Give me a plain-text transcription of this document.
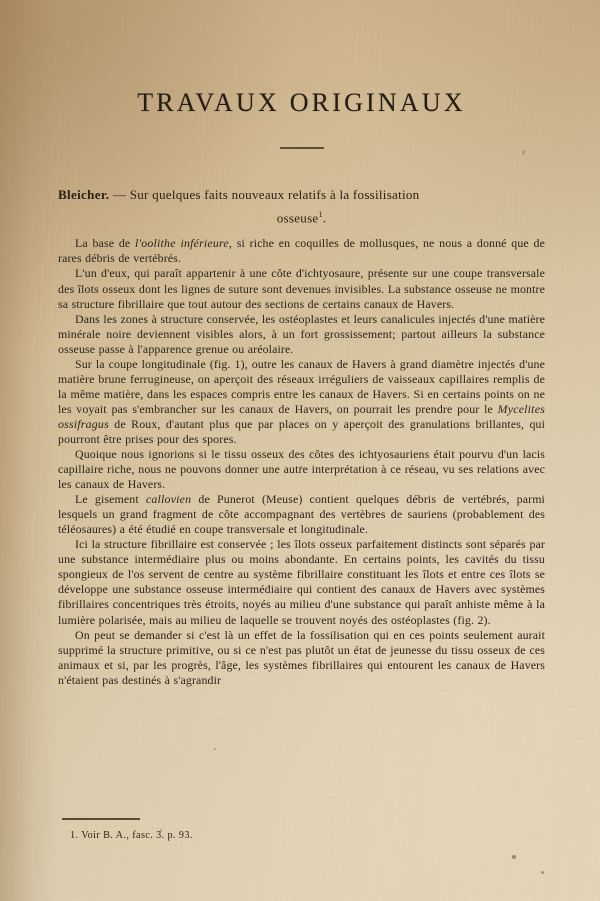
TRAVAUX ORIGINAUX
Bleicher. — Sur quelques faits nouveaux relatifs à la fossilisation
osseuse$^1$.

La base de l'oolithe inférieure, si riche en coquilles de mollusques, ne nous a donné que de rares débris de vertébrés.

L'un d'eux, qui paraît appartenir à une côte d'ichtyosaure, présente sur une coupe transversale des îlots osseux dont les lignes de suture sont devenues invisibles. La substance osseuse ne montre sa structure fibrillaire que tout autour des sections de certains canaux de Havers.

Dans les zones à structure conservée, les ostéoplastes et leurs canalicules injectés d'une matière minérale noire deviennent visibles alors, à un fort grossissement; partout ailleurs la substance osseuse passe à l'apparence grenue ou aréolaire.

Sur la coupe longitudinale (fig. 1), outre les canaux de Havers à grand diamètre injectés d'une matière brune ferrugineuse, on aperçoit des réseaux irréguliers de vaisseaux capillaires remplis de la même matière, dans les espaces compris entre les canaux de Havers. Si en certains points on ne les voyait pas s'embrancher sur les canaux de Havers, on pourrait les prendre pour le Mycelites ossifragus de Roux, d'autant plus que par places on y aperçoit des granulations brillantes, qui pourront être prises pour des spores.

Quoique nous ignorions si le tissu osseux des côtes des ichtyosauriens était pourvu d'un lacis capillaire riche, nous ne pouvons donner une autre interprétation à ce réseau, vu ses relations avec les canaux de Havers.

Le gisement callovien de Punerot (Meuse) contient quelques débris de vertébrés, parmi lesquels un grand fragment de côte accompagnant des vertèbres de sauriens (probablement des téléosaures) a été étudié en coupe transversale et longitudinale.

Ici la structure fibrillaire est conservée ; les îlots osseux parfaitement distincts sont séparés par une substance intermédiaire plus ou moins abondante. En certains points, les cavités du tissu spongieux de l'os servent de centre au système fibrillaire constituant les îlots et entre ces îlots se développe une substance osseuse intermédiaire qui contient des canaux de Havers avec systèmes fibrillaires concentriques très étroits, noyés au milieu d'une substance qui paraît anhiste même à la lumière polarisée, mais au milieu de laquelle se trouvent noyés des ostéoplastes (fig. 2).

On peut se demander si c'est là un effet de la fossilisation qui en ces points seulement aurait supprimé la structure primitive, ou si ce n'est pas plutôt un état de jeunesse du tissu osseux de ces animaux et si, par les progrès, l'âge, les systèmes fibrillaires qui entourent les canaux de Havers n'étaient pas destinés à s'agrandir

1. Voir B. A., fasc. 3. p. 93.
